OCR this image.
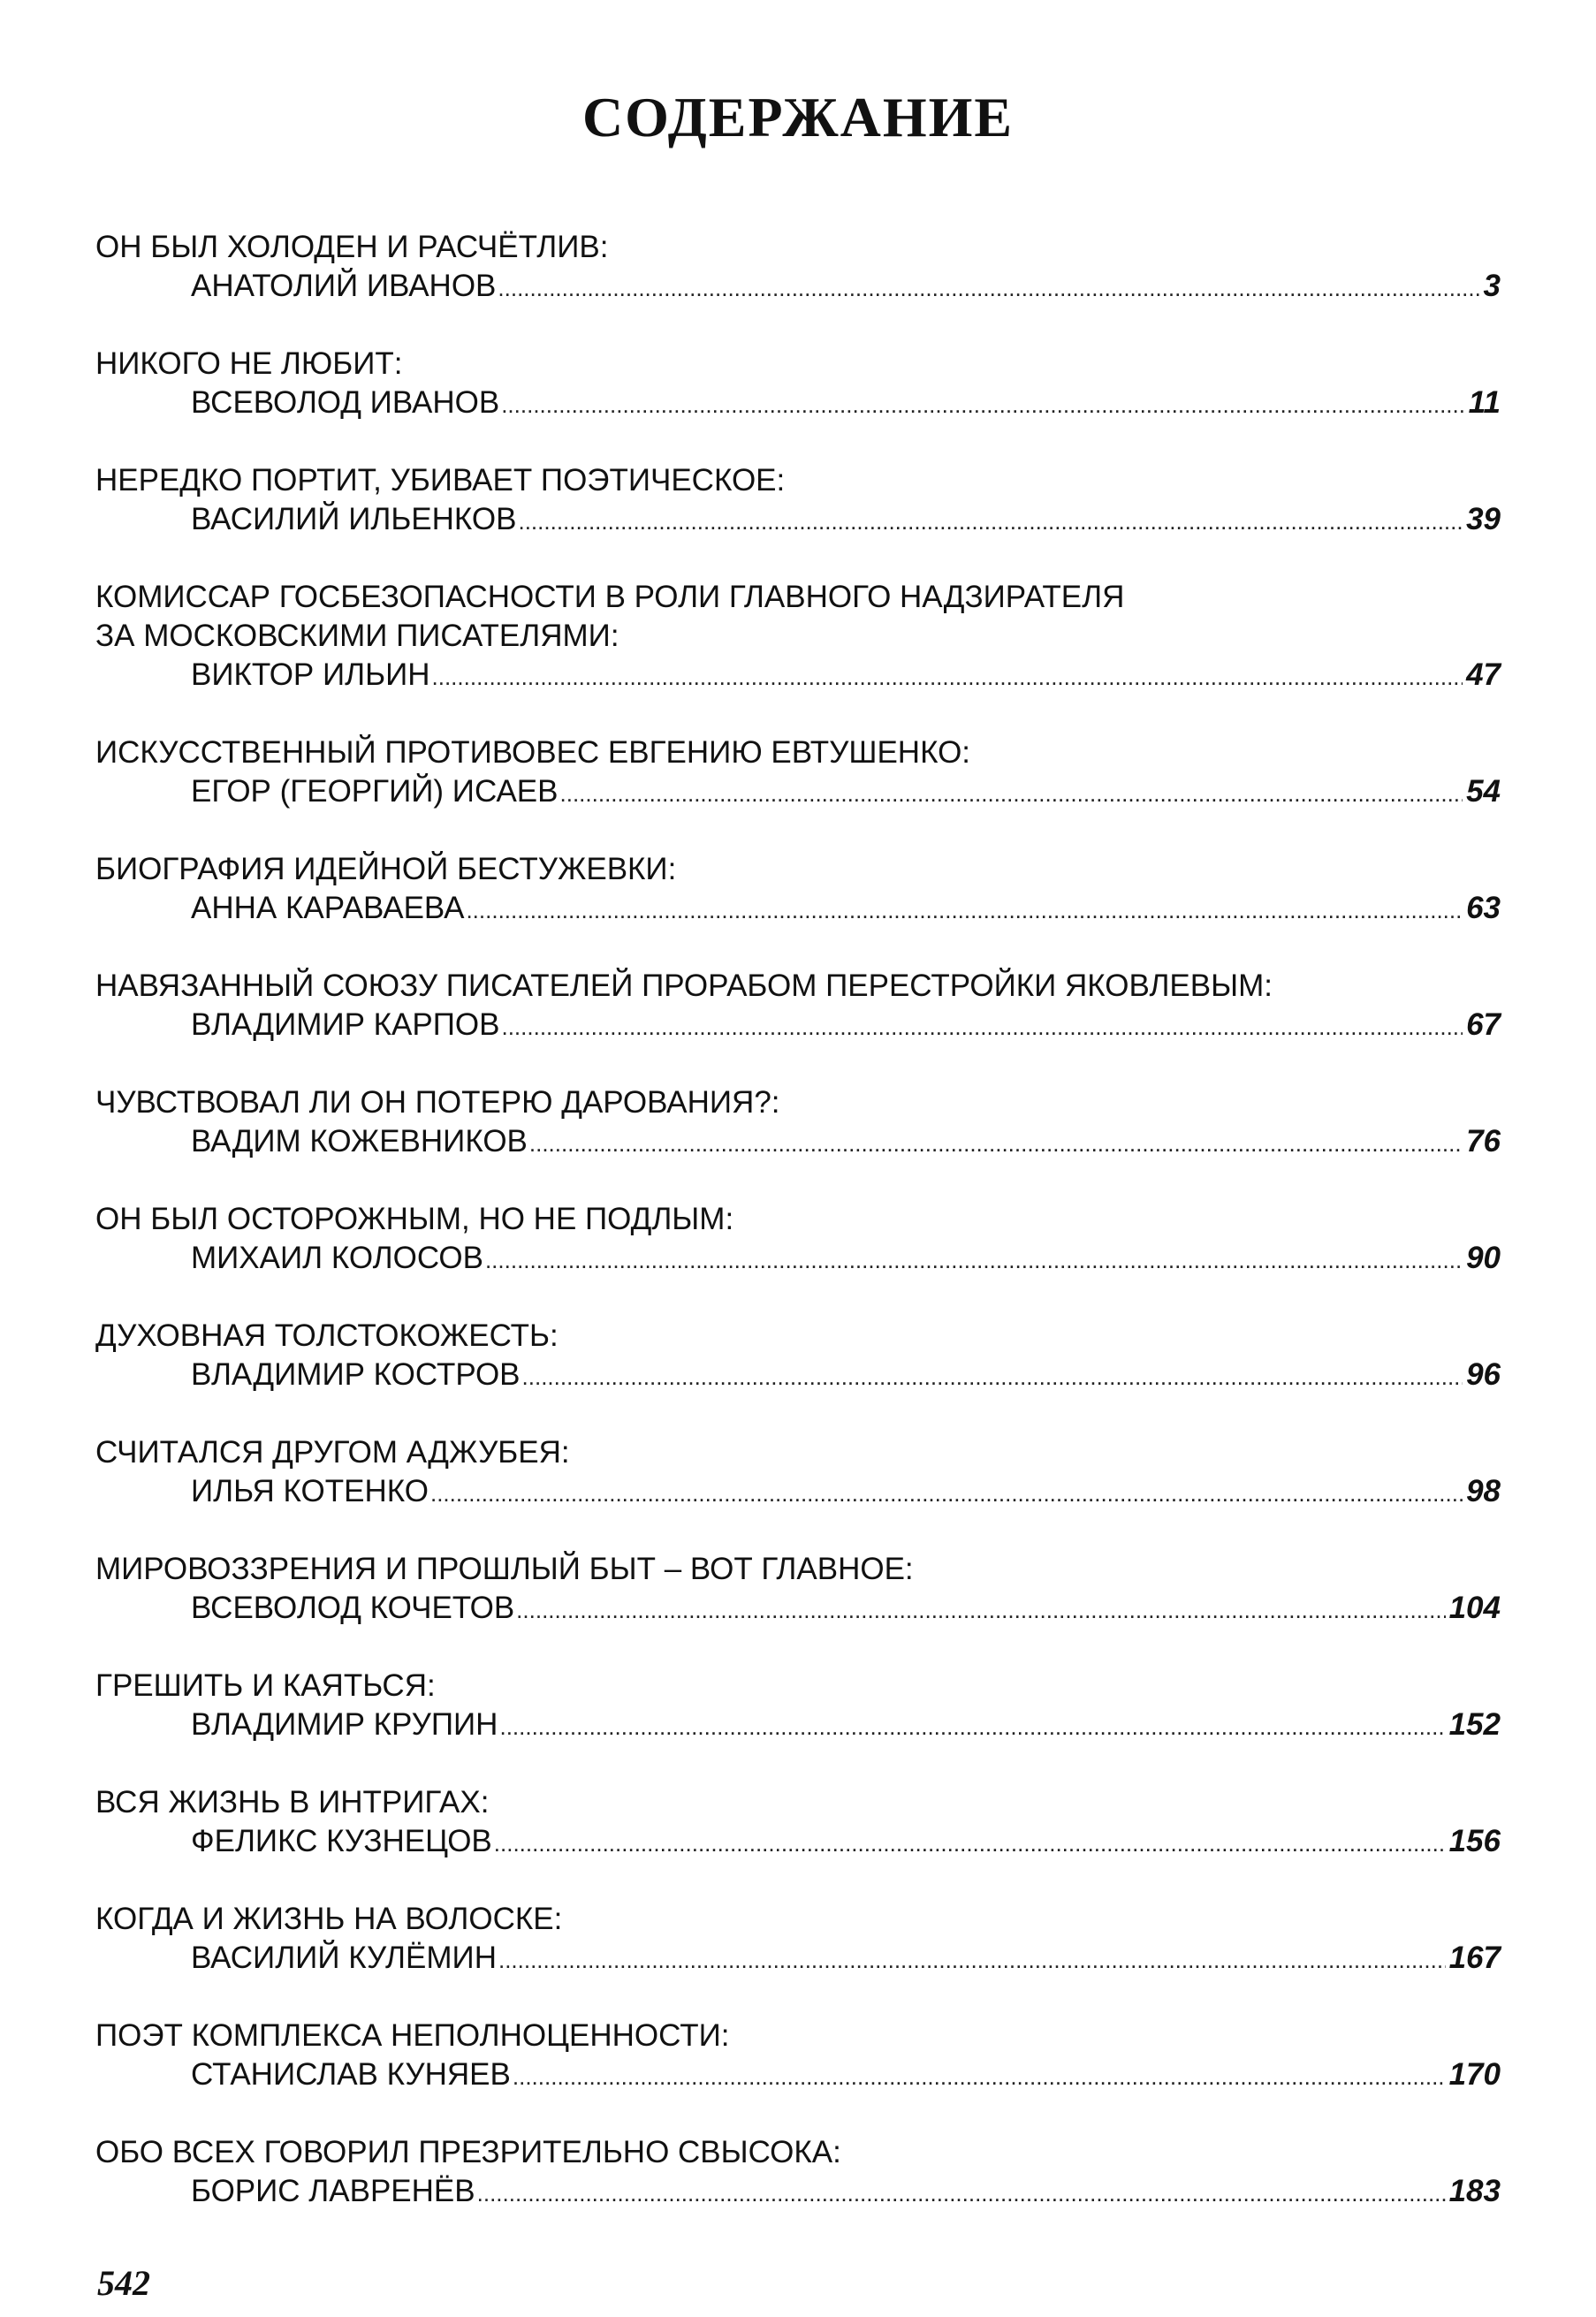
СОДЕРЖАНИЕ
ОН БЫЛ ХОЛОДЕН И РАСЧЁТЛИВ:
АНАТОЛИЙ ИВАНОВ .....	3
НИКОГО НЕ ЛЮБИТ:
ВСЕВОЛОД ИВАНОВ .....	11
НЕРЕДКО ПОРТИТ, УБИВАЕТ ПОЭТИЧЕСКОЕ:
ВАСИЛИЙ ИЛЬЕНКОВ .....	39
КОМИССАР ГОСБЕЗОПАСНОСТИ В РОЛИ ГЛАВНОГО НАДЗИРАТЕЛЯ
ЗА МОСКОВСКИМИ ПИСАТЕЛЯМИ:
ВИКТОР ИЛЬИН .....	47
ИСКУССТВЕННЫЙ ПРОТИВОВЕС ЕВГЕНИЮ ЕВТУШЕНКО:
ЕГОР (ГЕОРГИЙ) ИСАЕВ .....	54
БИОГРАФИЯ ИДЕЙНОЙ БЕСТУЖЕВКИ:
АННА КАРАВАЕВА .....	63
НАВЯЗАННЫЙ СОЮЗУ ПИСАТЕЛЕЙ ПРОРАБОМ ПЕРЕСТРОЙКИ ЯКОВЛЕВЫМ:
ВЛАДИМИР КАРПОВ .....	67
ЧУВСТВОВАЛ ЛИ ОН ПОТЕРЮ ДАРОВАНИЯ?:
ВАДИМ КОЖЕВНИКОВ .....	76
ОН БЫЛ ОСТОРОЖНЫМ, НО НЕ ПОДЛЫМ:
МИХАИЛ КОЛОСОВ .....	90
ДУХОВНАЯ ТОЛСТОКОЖЕСТЬ:
ВЛАДИМИР КОСТРОВ .....	96
СЧИТАЛСЯ ДРУГОМ АДЖУБЕЯ:
ИЛЬЯ КОТЕНКО .....	98
МИРОВОЗЗРЕНИЯ И ПРОШЛЫЙ БЫТ – ВОТ ГЛАВНОЕ:
ВСЕВОЛОД КОЧЕТОВ .....	104
ГРЕШИТЬ И КАЯТЬСЯ:
ВЛАДИМИР КРУПИН .....	152
ВСЯ ЖИЗНЬ В ИНТРИГАХ:
ФЕЛИКС КУЗНЕЦОВ .....	156
КОГДА И ЖИЗНЬ НА ВОЛОСКЕ:
ВАСИЛИЙ КУЛЁМИН .....	167
ПОЭТ КОМПЛЕКСА НЕПОЛНОЦЕННОСТИ:
СТАНИСЛАВ КУНЯЕВ .....	170
ОБО ВСЕХ ГОВОРИЛ ПРЕЗРИТЕЛЬНО СВЫСОКА:
БОРИС ЛАВРЕНЁВ .....	183
542
